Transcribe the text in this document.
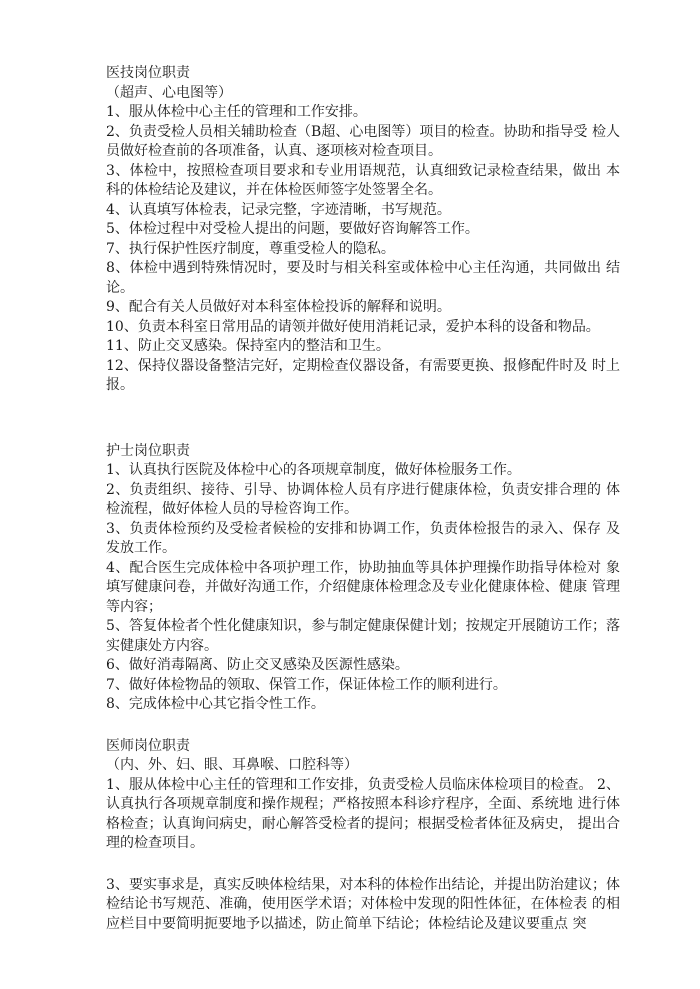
医技岗位职责

（超声、心电图等）

1、服从体检中心主任的管理和工作安排。

2、负责受检人员相关辅助检查（B超、心电图等）项目的检查。协助和指导受 检人员做好检查前的各项准备，认真、逐项核对检查项目。

3、体检中，按照检查项目要求和专业用语规范，认真细致记录检查结果，做出 本科的体检结论及建议，并在体检医师签字处签署全名。

4、认真填写体检表，记录完整，字迹清晰，书写规范。

5、体检过程中对受检人提出的问题，要做好咨询解答工作。

7、执行保护性医疗制度，尊重受检人的隐私。

8、体检中遇到特殊情况时，要及时与相关科室或体检中心主任沟通，共同做出 结论。

9、配合有关人员做好对本科室体检投诉的解释和说明。

10、负责本科室日常用品的请领并做好使用消耗记录，爱护本科的设备和物品。

11、防止交叉感染。保持室内的整洁和卫生。

12、保持仪器设备整洁完好，定期检查仪器设备，有需要更换、报修配件时及 时上报。

护士岗位职责

1、认真执行医院及体检中心的各项规章制度，做好体检服务工作。

2、负责组织、接待、引导、协调体检人员有序进行健康体检，负责安排合理的 体检流程，做好体检人员的导检咨询工作。

3、负责体检预约及受检者候检的安排和协调工作，负责体检报告的录入、保存 及发放工作。

4、配合医生完成体检中各项护理工作，协助抽血等具体护理操作助指导体检对 象填写健康问卷，并做好沟通工作，介绍健康体检理念及专业化健康体检、健康 管理等内容；

5、答复体检者个性化健康知识，参与制定健康保健计划；按规定开展随访工作；落实健康处方内容。

6、做好消毒隔离、防止交叉感染及医源性感染。

7、做好体检物品的领取、保管工作，保证体检工作的顺利进行。

8、完成体检中心其它指令性工作。

医师岗位职责

（内、外、妇、眼、耳鼻喉、口腔科等）

1、服从体检中心主任的管理和工作安排，负责受检人员临床体检项目的检查。 2、认真执行各项规章制度和操作规程；严格按照本科诊疗程序，全面、系统地 进行体格检查；认真询问病史，耐心解答受检者的提问；根据受检者体征及病史， 提出合理的检查项目。

3、要实事求是，真实反映体检结果，对本科的体检作出结论，并提出防治建议；体检结论书写规范、准确，使用医学术语；对体检中发现的阳性体征，在体检表 的相应栏目中要简明扼要地予以描述，防止简单下结论；体检结论及建议要重点 突
